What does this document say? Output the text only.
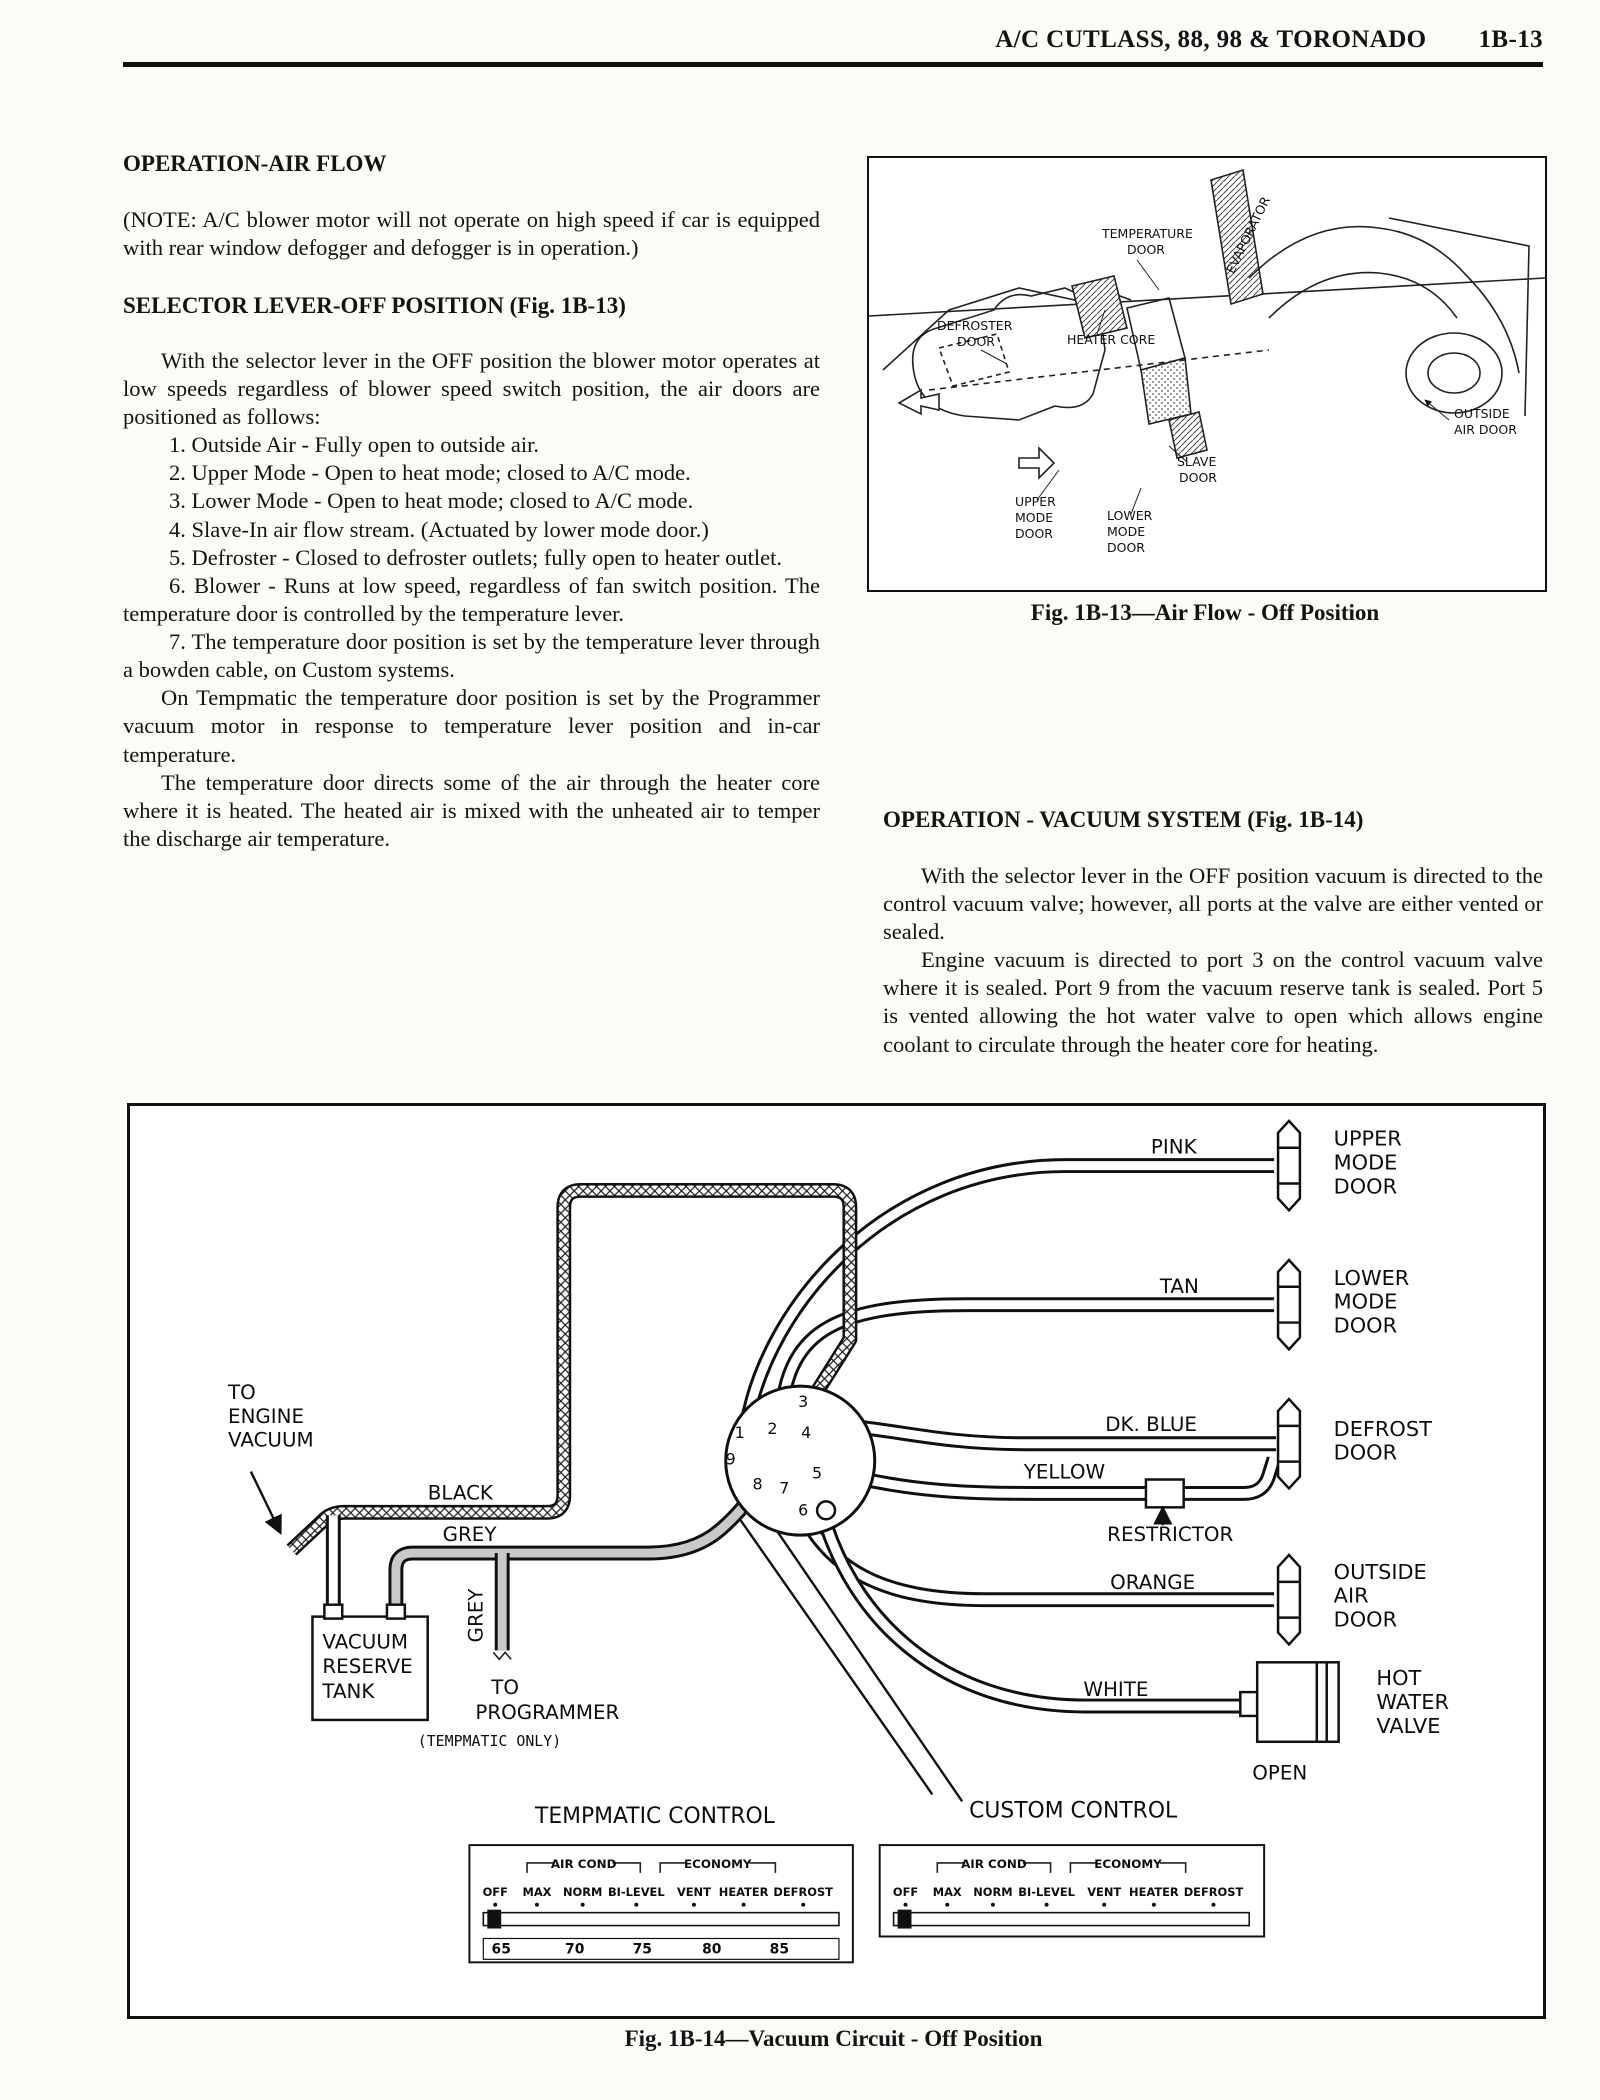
A/C CUTLASS, 88, 98 & TORONADO 1B-13
OPERATION-AIR FLOW

(NOTE: A/C blower motor will not operate on high speed if car is equipped with rear window defogger and defogger is in operation.)

SELECTOR LEVER-OFF POSITION (Fig. 1B-13)

With the selector lever in the OFF position the blower motor operates at low speeds regardless of blower speed switch position, the air doors are positioned as follows:

1. Outside Air - Fully open to outside air.

2. Upper Mode - Open to heat mode; closed to A/C mode.

3. Lower Mode - Open to heat mode; closed to A/C mode.

4. Slave-In air flow stream. (Actuated by lower mode door.)

5. Defroster - Closed to defroster outlets; fully open to heater outlet.

6. Blower - Runs at low speed, regardless of fan switch position. The temperature door is controlled by the temperature lever.

7. The temperature door position is set by the temperature lever through a bowden cable, on Custom systems.

On Tempmatic the temperature door position is set by the Programmer vacuum motor in response to temperature lever position and in-car temperature.

The temperature door directs some of the air through the heater core where it is heated. The heated air is mixed with the unheated air to temper the discharge air temperature.

OPERATION - VACUUM SYSTEM (Fig. 1B-14)

With the selector lever in the OFF position vacuum is directed to the control vacuum valve; however, all ports at the valve are either vented or sealed.

Engine vacuum is directed to port 3 on the control vacuum valve where it is sealed. Port 9 from the vacuum reserve tank is sealed. Port 5 is vented allowing the hot water valve to open which allows engine coolant to circulate through the heater core for heating.

TEMPERATURE
DOOR	EVAPORATOR
DEFROSTER
DOOR	HEATER CORE
OUTSIDE
AIR DOOR
SLAVE
DOOR
UPPER
MODE
DOOR
LOWER
MODE
DOOR
Fig. 1B-13—Air Flow - Off Position
3
1 2 4
9
8 7
5
6
VACUUM
RESERVE
TANK
PINK
TAN
DK. BLUE
YELLOW
RESTRICTOR
ORANGE
WHITE
BLACK
GREY
GREY
TO
ENGINE
VACUUM
TO
PROGRAMMER
(TEMPMATIC ONLY)
TEMPMATIC CONTROL	CUSTOM CONTROL
OPEN
UPPER
MODE
DOOR
LOWER
MODE
DOOR
DEFROST
DOOR
OUTSIDE
AIR
DOOR
HOT
WATER
VALVE
AIR COND	ECONOMY
OFF MAX NORM BI-LEVEL VENT HEATER DEFROST
65	70	75	80	85
AIR COND	ECONOMY
OFF MAX NORM BI-LEVEL VENT HEATER DEFROST
Fig. 1B-14—Vacuum Circuit - Off Position
